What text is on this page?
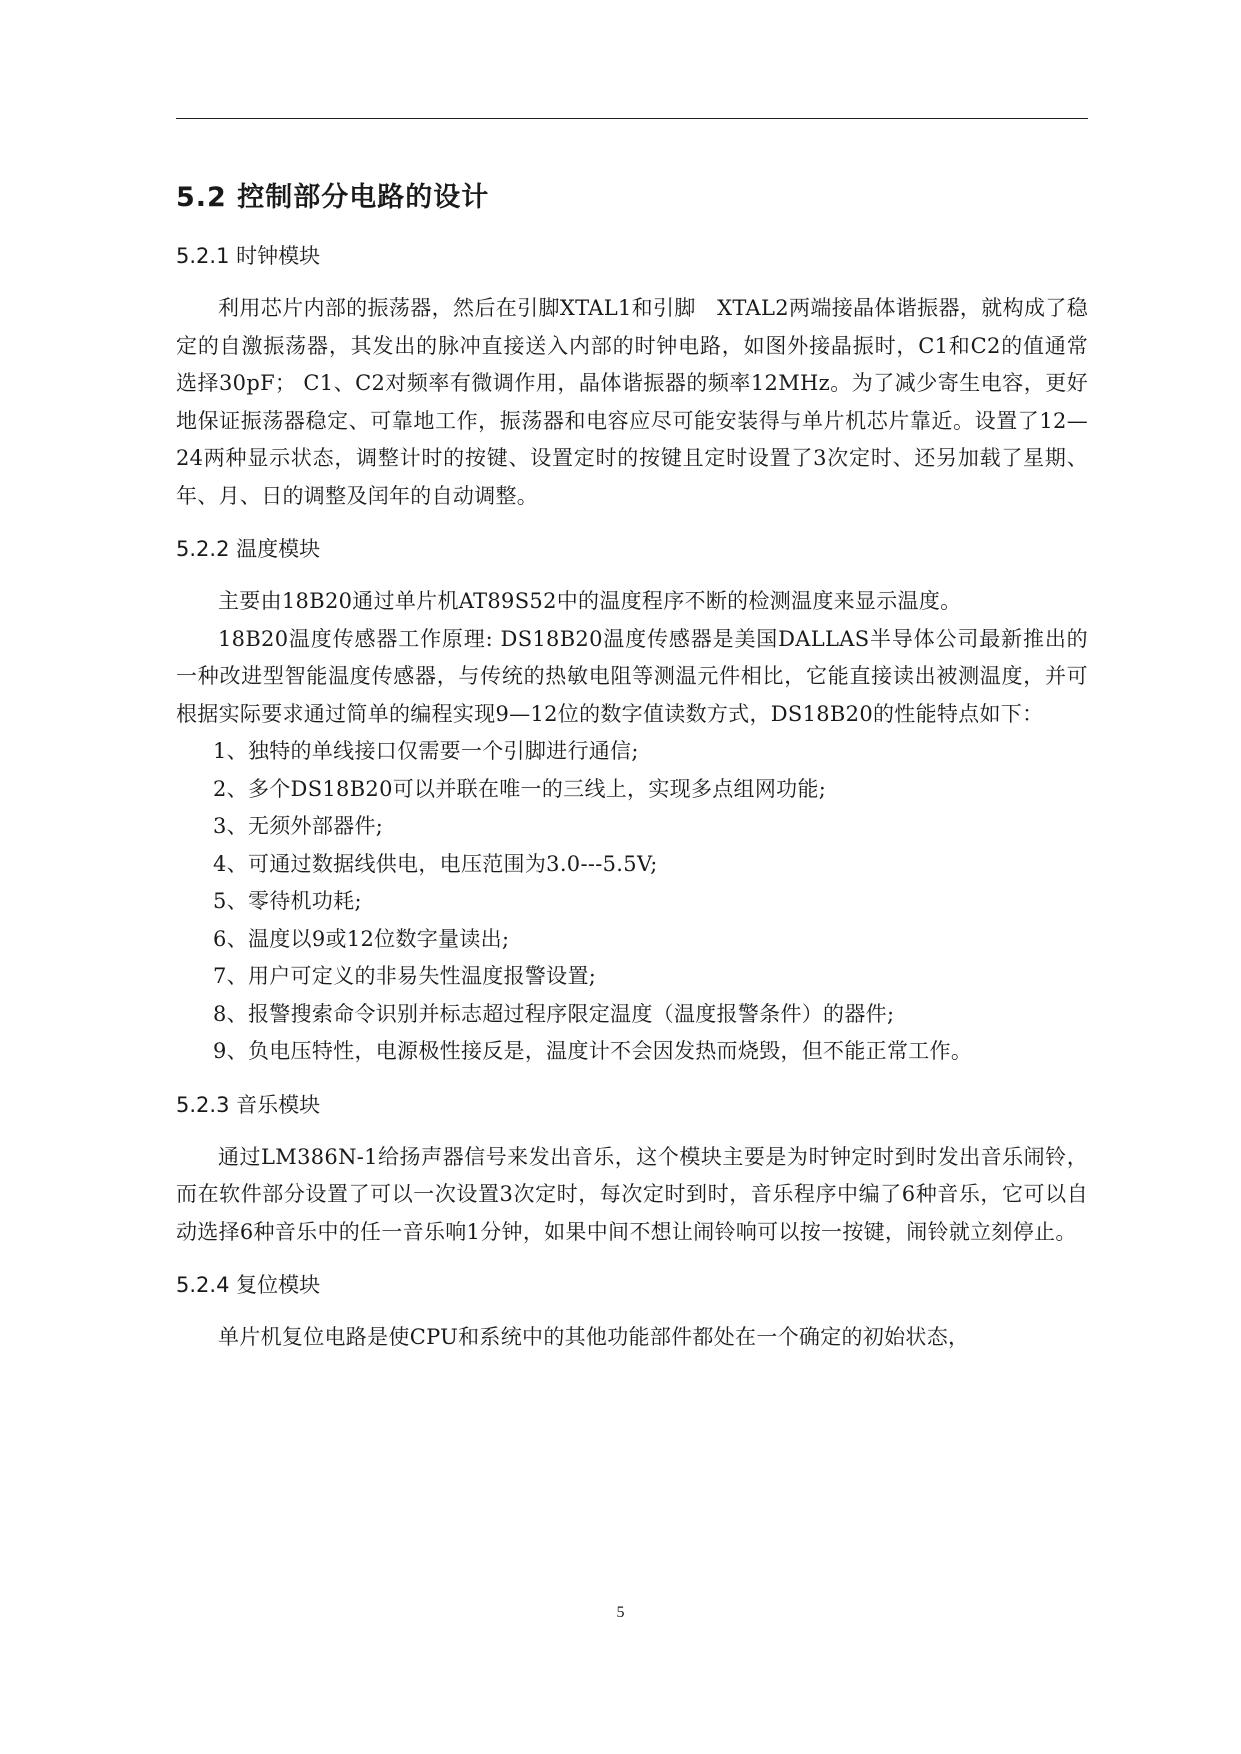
5.2 控制部分电路的设计
5.2.1 时钟模块

利用芯片内部的振荡器，然后在引脚XTAL1和引脚　XTAL2两端接晶体谐振器，就构成了稳定的自激振荡器，其发出的脉冲直接送入内部的时钟电路，如图外接晶振时，C1和C2的值通常选择30pF； C1、C2对频率有微调作用，晶体谐振器的频率12MHz。为了减少寄生电容，更好地保证振荡器稳定、可靠地工作，振荡器和电容应尽可能安装得与单片机芯片靠近。设置了12—24两种显示状态，调整计时的按键、设置定时的按键且定时设置了3次定时、还另加载了星期、年、月、日的调整及闰年的自动调整。

5.2.2 温度模块

主要由18B20通过单片机AT89S52中的温度程序不断的检测温度来显示温度。

18B20温度传感器工作原理: DS18B20温度传感器是美国DALLAS半导体公司最新推出的一种改进型智能温度传感器，与传统的热敏电阻等测温元件相比，它能直接读出被测温度，并可根据实际要求通过简单的编程实现9—12位的数字值读数方式，DS18B20的性能特点如下：

1、独特的单线接口仅需要一个引脚进行通信;
2、多个DS18B20可以并联在唯一的三线上，实现多点组网功能;
3、无须外部器件;
4、可通过数据线供电，电压范围为3.0---5.5V;
5、零待机功耗;
6、温度以9或12位数字量读出;
7、用户可定义的非易失性温度报警设置;
8、报警搜索命令识别并标志超过程序限定温度（温度报警条件）的器件;
9、负电压特性，电源极性接反是，温度计不会因发热而烧毁，但不能正常工作。
5.2.3 音乐模块

通过LM386N-1给扬声器信号来发出音乐，这个模块主要是为时钟定时到时发出音乐闹铃，而在软件部分设置了可以一次设置3次定时，每次定时到时，音乐程序中编了6种音乐，它可以自动选择6种音乐中的任一音乐响1分钟，如果中间不想让闹铃响可以按一按键，闹铃就立刻停止。

5.2.4 复位模块

单片机复位电路是使CPU和系统中的其他功能部件都处在一个确定的初始状态，

5
